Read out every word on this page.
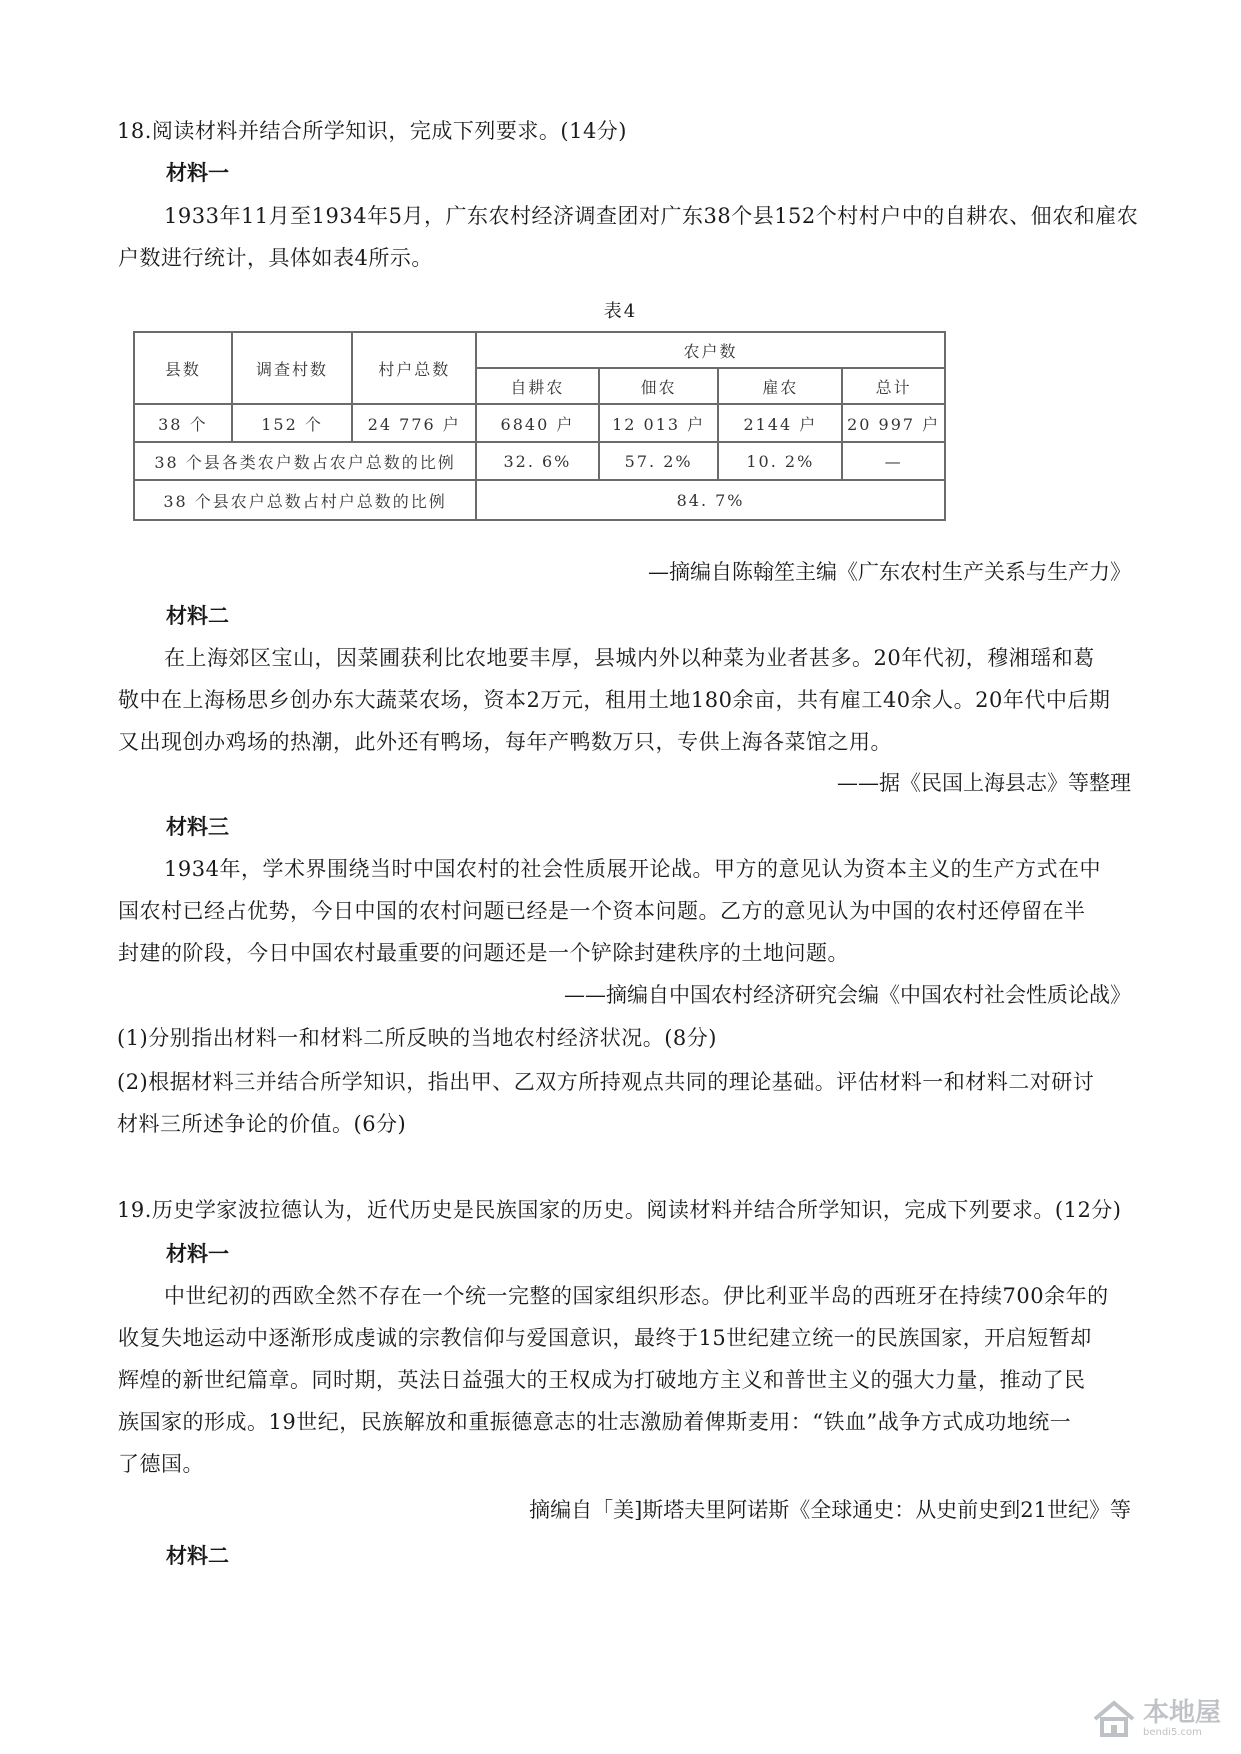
18.阅读材料并结合所学知识，完成下列要求。(14分)
材料一
1933年11月至1934年5月，广东农村经济调查团对广东38个县152个村村户中的自耕农、佃农和雇农
户数进行统计，具体如表4所示。
表4
县数	调查村数	村户总数	农户数			
			自耕农	佃农	雇农	总计
38 个	152 个	24 776 户	6840 户	12 013 户	2144 户	20 997 户
38 个县各类农户数占农户总数的比例			32. 6%	57. 2%	10. 2%	—
38 个县农户总数占村户总数的比例			84. 7%			
—摘编自陈翰笙主编《广东农村生产关系与生产力》
材料二
在上海郊区宝山，因菜圃获利比农地要丰厚，县城内外以种菜为业者甚多。20年代初，穆湘瑶和葛
敬中在上海杨思乡创办东大蔬菜农场，资本2万元，租用土地180余亩，共有雇工40余人。20年代中后期
又出现创办鸡场的热潮，此外还有鸭场，每年产鸭数万只，专供上海各菜馆之用。
——据《民国上海县志》等整理
材料三
1934年，学术界围绕当时中国农村的社会性质展开论战。甲方的意见认为资本主义的生产方式在中
国农村已经占优势，今日中国的农村问题已经是一个资本问题。乙方的意见认为中国的农村还停留在半
封建的阶段，今日中国农村最重要的问题还是一个铲除封建秩序的土地问题。
——摘编自中国农村经济研究会编《中国农村社会性质论战》
(1)分别指出材料一和材料二所反映的当地农村经济状况。(8分)
(2)根据材料三并结合所学知识，指出甲、乙双方所持观点共同的理论基础。评估材料一和材料二对研讨
材料三所述争论的价值。(6分)
19.历史学家波拉德认为，近代历史是民族国家的历史。阅读材料并结合所学知识，完成下列要求。(12分)
材料一
中世纪初的西欧全然不存在一个统一完整的国家组织形态。伊比利亚半岛的西班牙在持续700余年的
收复失地运动中逐渐形成虔诚的宗教信仰与爱国意识，最终于15世纪建立统一的民族国家，开启短暂却
辉煌的新世纪篇章。同时期，英法日益强大的王权成为打破地方主义和普世主义的强大力量，推动了民
族国家的形成。19世纪，民族解放和重振德意志的壮志激励着俾斯麦用：“铁血”战争方式成功地统一
了德国。
摘编自「美]斯塔夫里阿诺斯《全球通史：从史前史到21世纪》等
材料二
本地屋
bendi5.com
